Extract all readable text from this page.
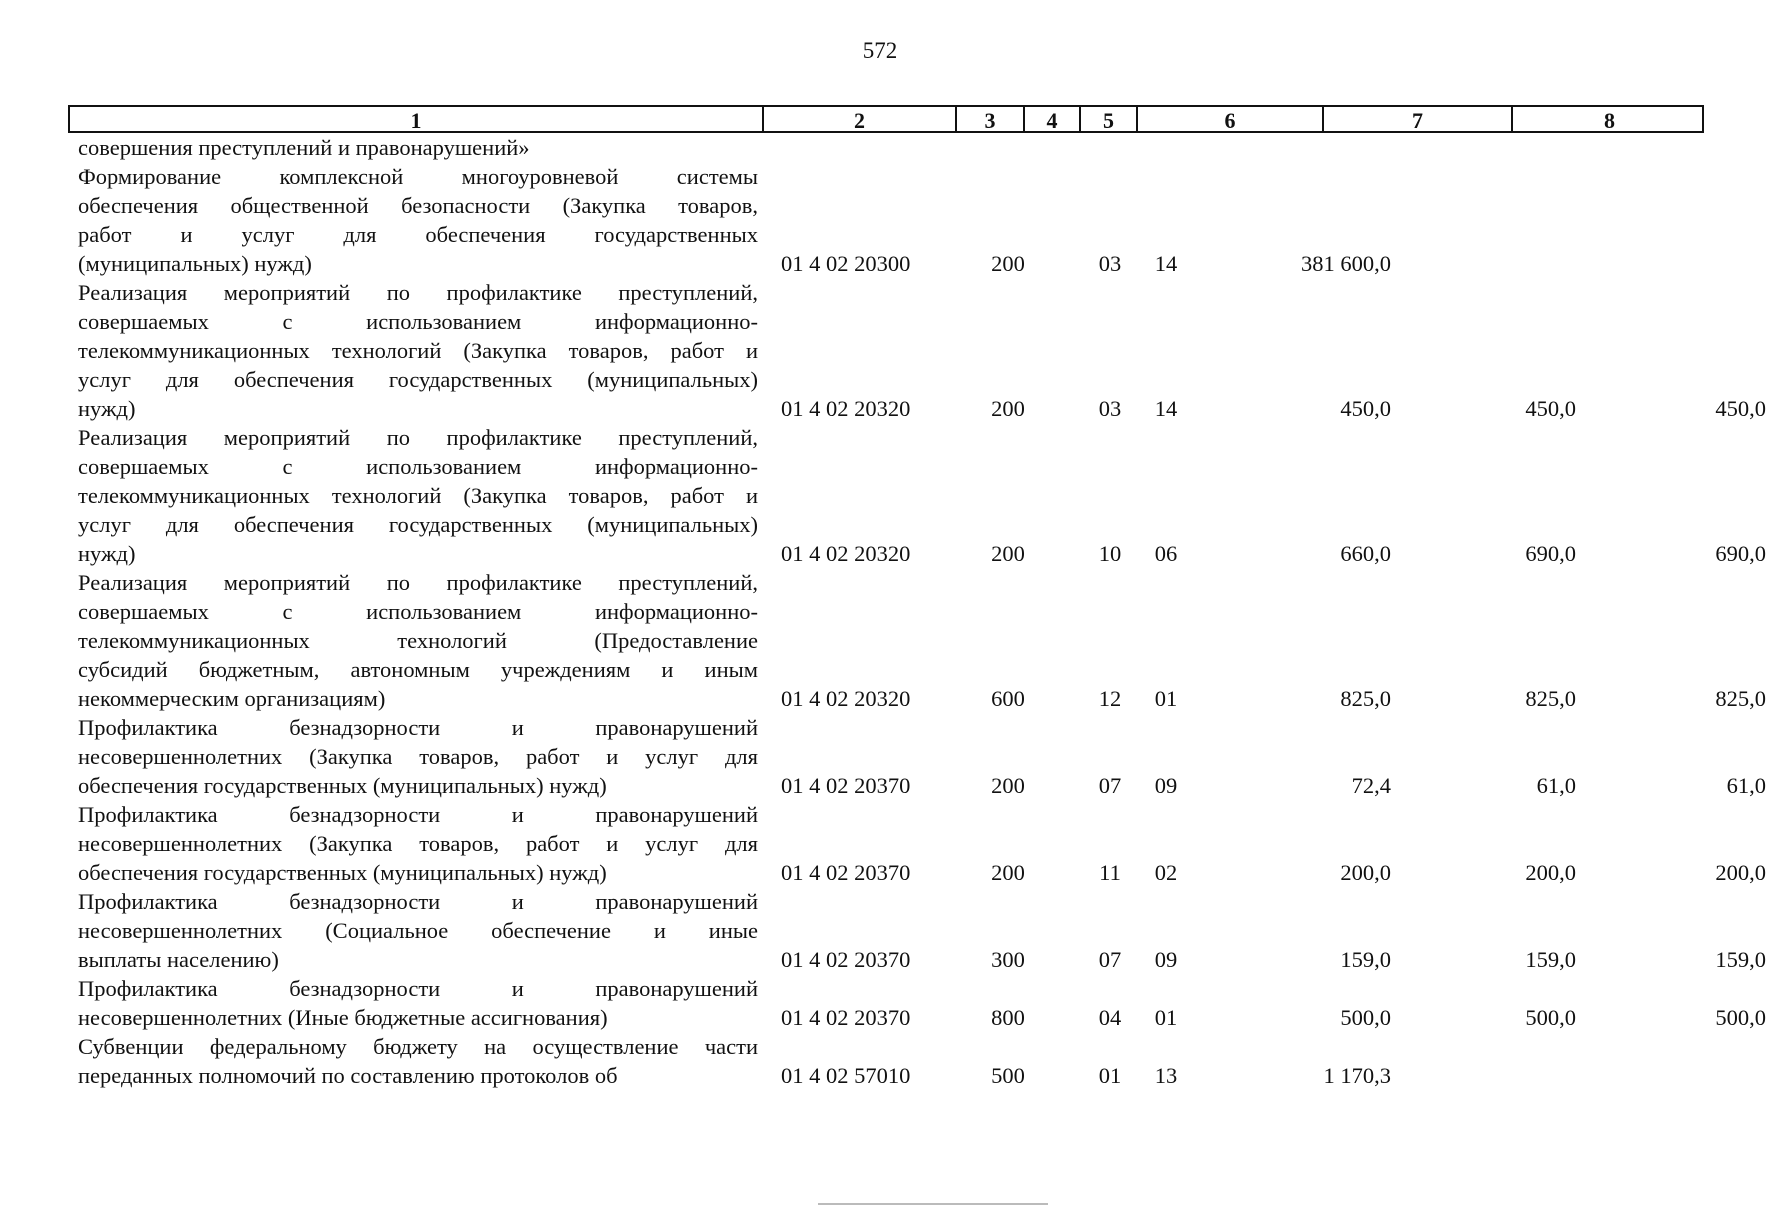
572
1	2	3	4	5	6	7	8
совершения преступлений и правонарушений»
Формирование комплексной многоуровневой системы
обеспечения общественной безопасности (Закупка товаров,
работ и услуг для обеспечения государственных
(муниципальных) нужд)	01 4 02 20300	200	03	14	381 600,0
Реализация мероприятий по профилактике преступлений,
совершаемых с использованием информационно-
телекоммуникационных технологий (Закупка товаров, работ и
услуг для обеспечения государственных (муниципальных)
нужд)	01 4 02 20320	200	03	14	450,0	450,0	450,0
Реализация мероприятий по профилактике преступлений,
совершаемых с использованием информационно-
телекоммуникационных технологий (Закупка товаров, работ и
услуг для обеспечения государственных (муниципальных)
нужд)	01 4 02 20320	200	10	06	660,0	690,0	690,0
Реализация мероприятий по профилактике преступлений,
совершаемых с использованием информационно-
телекоммуникационных технологий (Предоставление
субсидий бюджетным, автономным учреждениям и иным
некоммерческим организациям)	01 4 02 20320	600	12	01	825,0	825,0	825,0
Профилактика безнадзорности и правонарушений
несовершеннолетних (Закупка товаров, работ и услуг для
обеспечения государственных (муниципальных) нужд)	01 4 02 20370	200	07	09	72,4	61,0	61,0
Профилактика безнадзорности и правонарушений
несовершеннолетних (Закупка товаров, работ и услуг для
обеспечения государственных (муниципальных) нужд)	01 4 02 20370	200	11	02	200,0	200,0	200,0
Профилактика безнадзорности и правонарушений
несовершеннолетних (Социальное обеспечение и иные
выплаты населению)	01 4 02 20370	300	07	09	159,0	159,0	159,0
Профилактика безнадзорности и правонарушений
несовершеннолетних (Иные бюджетные ассигнования)	01 4 02 20370	800	04	01	500,0	500,0	500,0
Субвенции федеральному бюджету на осуществление части
переданных полномочий по составлению протоколов об	01 4 02 57010	500	01	13	1 170,3
